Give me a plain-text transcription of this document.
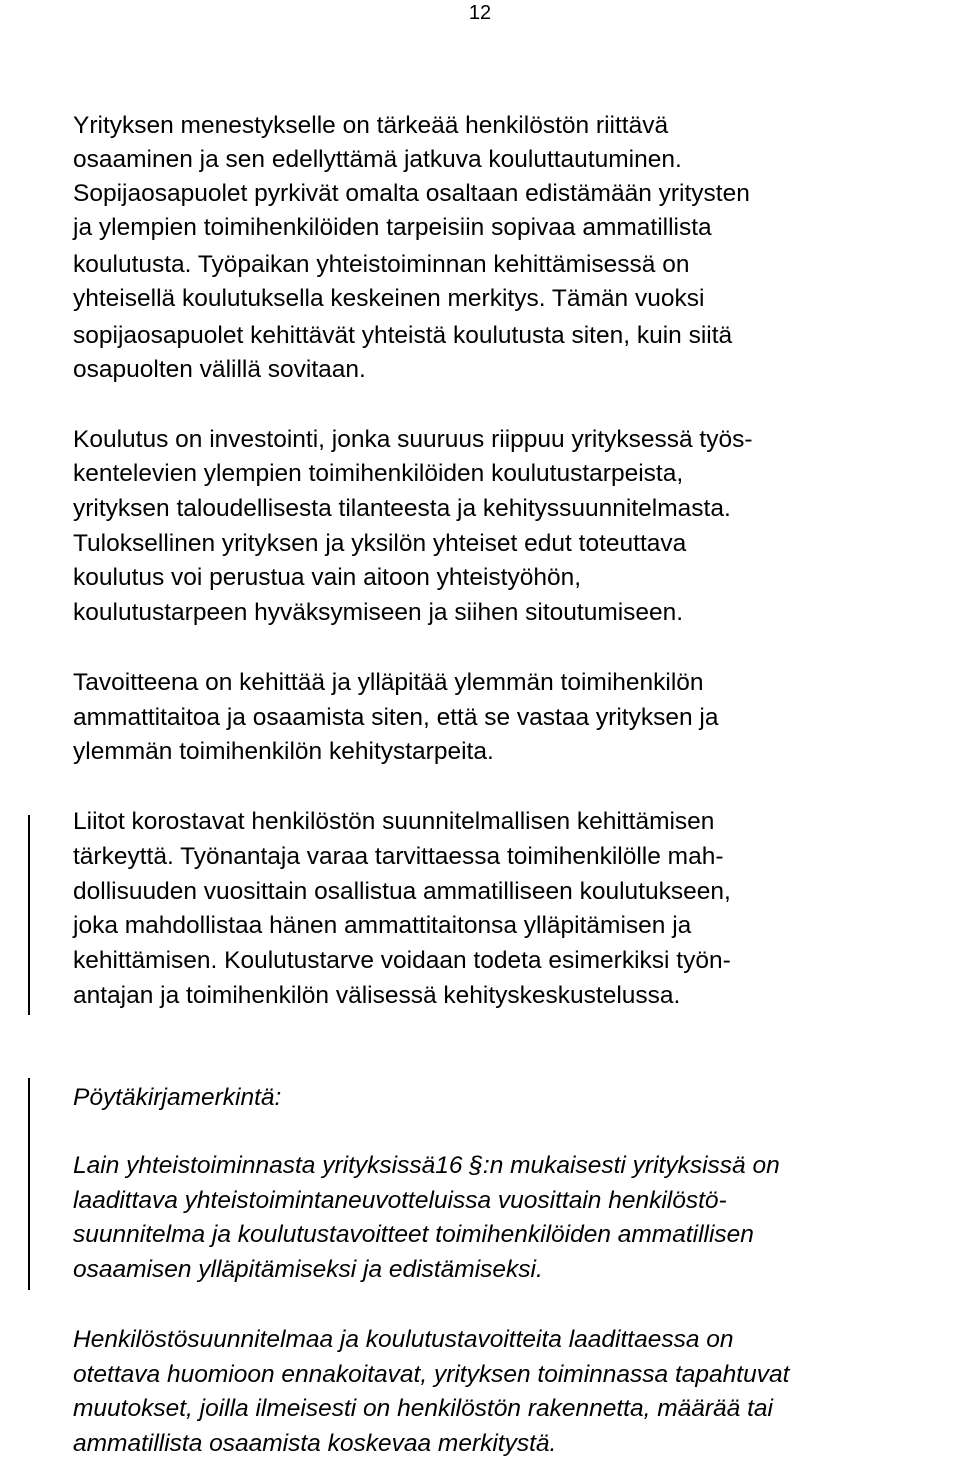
12
Yrityksen menestykselle on tärkeää henkilöstön riittävä
osaaminen ja sen edellyttämä jatkuva kouluttautuminen.
Sopijaosapuolet pyrkivät omalta osaltaan edistämään yritysten
ja ylempien toimihenkilöiden tarpeisiin sopivaa ammatillista
koulutusta. Työpaikan yhteistoiminnan kehittämisessä on
yhteisellä koulutuksella keskeinen merkitys. Tämän vuoksi
sopijaosapuolet kehittävät yhteistä koulutusta siten, kuin siitä
osapuolten välillä sovitaan.
Koulutus on investointi, jonka suuruus riippuu yrityksessä työs-
kentelevien ylempien toimihenkilöiden koulutustarpeista,
yrityksen taloudellisesta tilanteesta ja kehityssuunnitelmasta.
Tuloksellinen yrityksen ja yksilön yhteiset edut toteuttava
koulutus voi perustua vain aitoon yhteistyöhön,
koulutustarpeen hyväksymiseen ja siihen sitoutumiseen.
Tavoitteena on kehittää ja ylläpitää ylemmän toimihenkilön
ammattitaitoa ja osaamista siten, että se vastaa yrityksen ja
ylemmän toimihenkilön kehitystarpeita.
Liitot korostavat henkilöstön suunnitelmallisen kehittämisen
tärkeyttä. Työnantaja varaa tarvittaessa toimihenkilölle mah-
dollisuuden vuosittain osallistua ammatilliseen koulutukseen,
joka mahdollistaa hänen ammattitaitonsa ylläpitämisen ja
kehittämisen. Koulutustarve voidaan todeta esimerkiksi työn-
antajan ja toimihenkilön välisessä kehityskeskustelussa.
Pöytäkirjamerkintä:
Lain yhteistoiminnasta yrityksissä16 §:n mukaisesti yrityksissä on
laadittava yhteistoimintaneuvotteluissa vuosittain henkilöstö-
suunnitelma ja koulutustavoitteet toimihenkilöiden ammatillisen
osaamisen ylläpitämiseksi ja edistämiseksi.
Henkilöstösuunnitelmaa ja koulutustavoitteita laadittaessa on
otettava huomioon ennakoitavat, yrityksen toiminnassa tapahtuvat
muutokset, joilla ilmeisesti on henkilöstön rakennetta, määrää tai
ammatillista osaamista koskevaa merkitystä.
